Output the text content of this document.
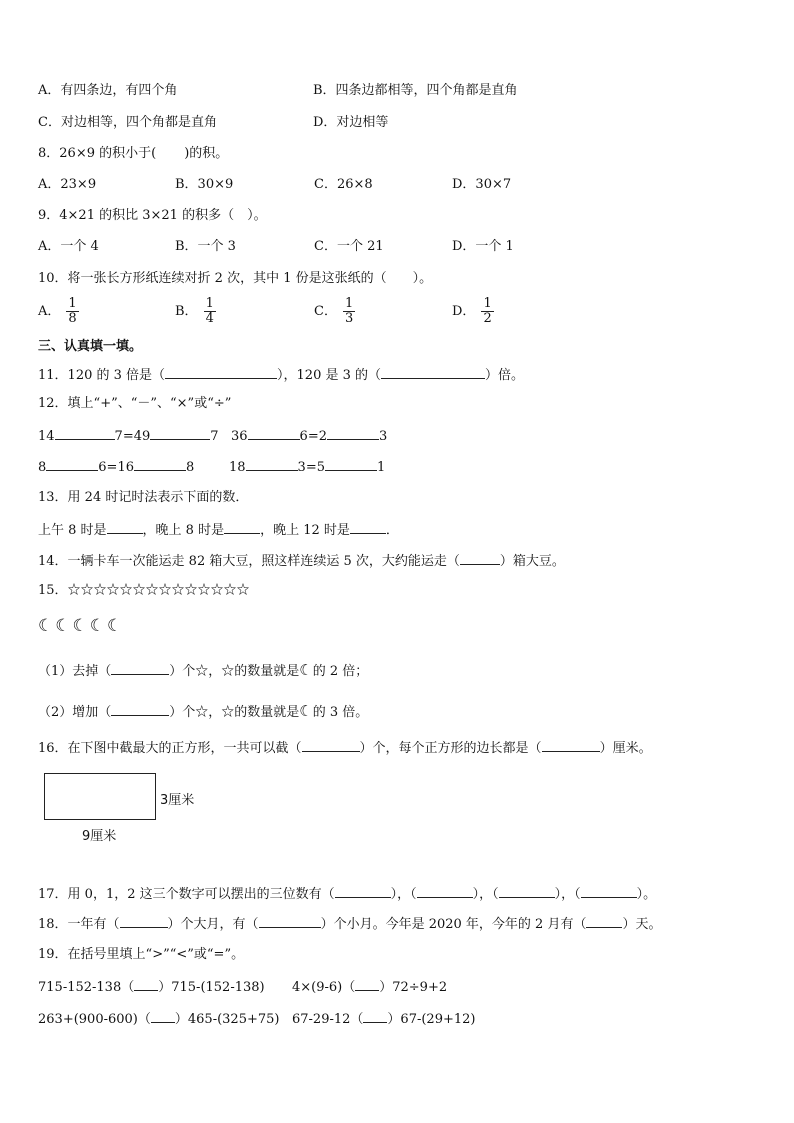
A．有四条边，有四个角	B．四条边都相等，四个角都是直角
C．对边相等，四个角都是直角	D．对边相等
8．26×9 的积小于( )的积。
A．23×9	B．30×9	C．26×8	D．30×7
9．4×21 的积比 3×21 的积多（　）。
A．一个 4	B．一个 3	C．一个 21	D．一个 1
10．将一张长方形纸连续对折 2 次，其中 1 份是这张纸的（　　）。
A． $\frac{1}{8}$	B． $\frac{1}{4}$	C． $\frac{1}{3}$	D． $\frac{1}{2}$
三、认真填一填。
11．120 的 3 倍是（	），120 是 3 的（	）倍。
12．填上“+”、“－”、“×”或“÷”
14	7=49	7 36	6=2	3
8	6=16	8	18	3=5	1
13．用 24 时记时法表示下面的数．
上午 8 时是	，晚上 8 时是	，晚上 12 时是	．
14．一辆卡车一次能运走 82 箱大豆，照这样连续运 5 次，大约能运走（	）箱大豆。
15．☆☆☆☆☆☆☆☆☆☆☆☆☆☆
☾☾☾☾☾
（1）去掉（	）个☆，☆的数量就是☾的 2 倍；
（2）增加（	）个☆，☆的数量就是☾的 3 倍。
16．在下图中截最大的正方形，一共可以截（	）个，每个正方形的边长都是（	）厘米。
3厘米
9厘米
17．用 0，1，2 这三个数字可以摆出的三位数有（	），（	），（	），（	）。
18．一年有（	）个大月，有（	）个小月。今年是 2020 年，今年的 2 月有（	）天。
19．在括号里填上“>”“<”或“=”。
715-152-138（ ）715-(152-138) 4×(9-6)（ ）72÷9+2
263+(900-600)（ ）465-(325+75) 67-29-12（ ）67-(29+12)
